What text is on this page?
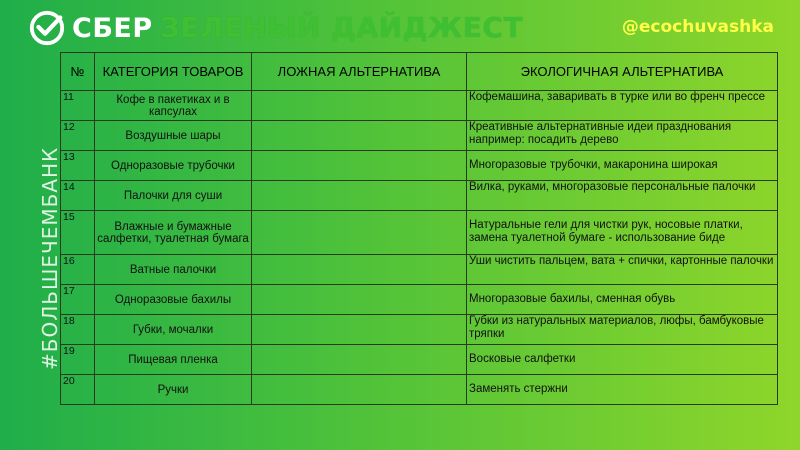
СБЕР ЗЕЛЕНЫЙ ДАЙДЖЕСТ	@ecochuvashka
#БОЛЬШЕЧЕМБАНК
№	КАТЕГОРИЯ ТОВАРОВ	ЛОЖНАЯ АЛЬТЕРНАТИВА	ЭКОЛОГИЧНАЯ АЛЬТЕРНАТИВА
11	Кофе в пакетиках и в капсулах		Кофемашина, заваривать в турке или во френч прессе
12	Воздушные шары		Креативные альтернативные идеи празднования например: посадить дерево
13	Одноразовые трубочки		Многоразовые трубочки, макаронина широкая
14	Палочки для суши		Вилка, руками, многоразовые персональные палочки
15	Влажные и бумажные салфетки, туалетная бумага		Натуральные гели для чистки рук, носовые платки, замена туалетной бумаге - использование биде
16	Ватные палочки		Уши чистить пальцем, вата + спички, картонные палочки
17	Одноразовые бахилы		Многоразовые бахилы, сменная обувь
18	Губки, мочалки		Губки из натуральных материалов, люфы, бамбуковые тряпки
19	Пищевая пленка		Восковые салфетки
20	Ручки		Заменять стержни
